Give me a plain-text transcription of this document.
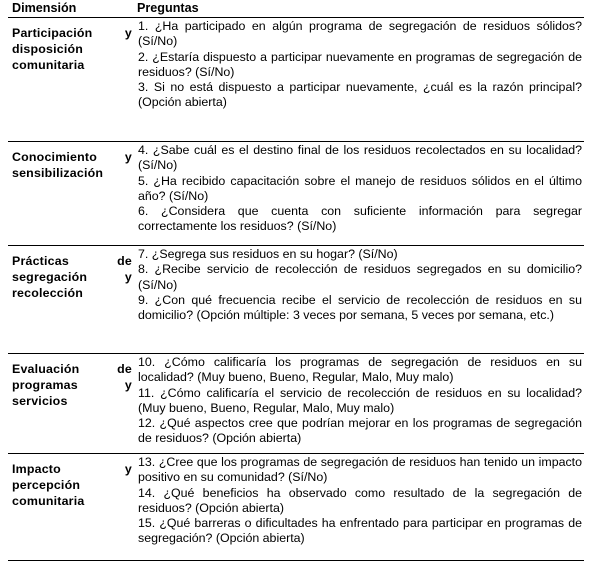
Dimensión	Preguntas
Participación y disposición comunitaria	1. ¿Ha participado en algún programa de segregación de residuos sólidos? (Sí/No)
2. ¿Estaría dispuesto a participar nuevamente en programas de segregación de residuos? (Sí/No)
3. Si no está dispuesto a participar nuevamente, ¿cuál es la razón principal? (Opción abierta)

Conocimiento y sensibilización	4. ¿Sabe cuál es el destino final de los residuos recolectados en su localidad? (Sí/No)
5. ¿Ha recibido capacitación sobre el manejo de residuos sólidos en el último año? (Sí/No)
6. ¿Considera que cuenta con suficiente información para segregar correctamente los residuos? (Sí/No)

Prácticas de segregación y recolección	7. ¿Segrega sus residuos en su hogar? (Sí/No)
8. ¿Recibe servicio de recolección de residuos segregados en su domicilio? (Sí/No)
9. ¿Con qué frecuencia recibe el servicio de recolección de residuos en su domicilio? (Opción múltiple: 3 veces por semana, 5 veces por semana, etc.)

Evaluación de programas y servicios	10. ¿Cómo calificaría los programas de segregación de residuos en su localidad? (Muy bueno, Bueno, Regular, Malo, Muy malo)
11. ¿Cómo calificaría el servicio de recolección de residuos en su localidad? (Muy bueno, Bueno, Regular, Malo, Muy malo)
12. ¿Qué aspectos cree que podrían mejorar en los programas de segregación de residuos? (Opción abierta)

Impacto y percepción comunitaria	13. ¿Cree que los programas de segregación de residuos han tenido un impacto positivo en su comunidad? (Sí/No)
14. ¿Qué beneficios ha observado como resultado de la segregación de residuos? (Opción abierta)
15. ¿Qué barreras o dificultades ha enfrentado para participar en programas de segregación? (Opción abierta)
